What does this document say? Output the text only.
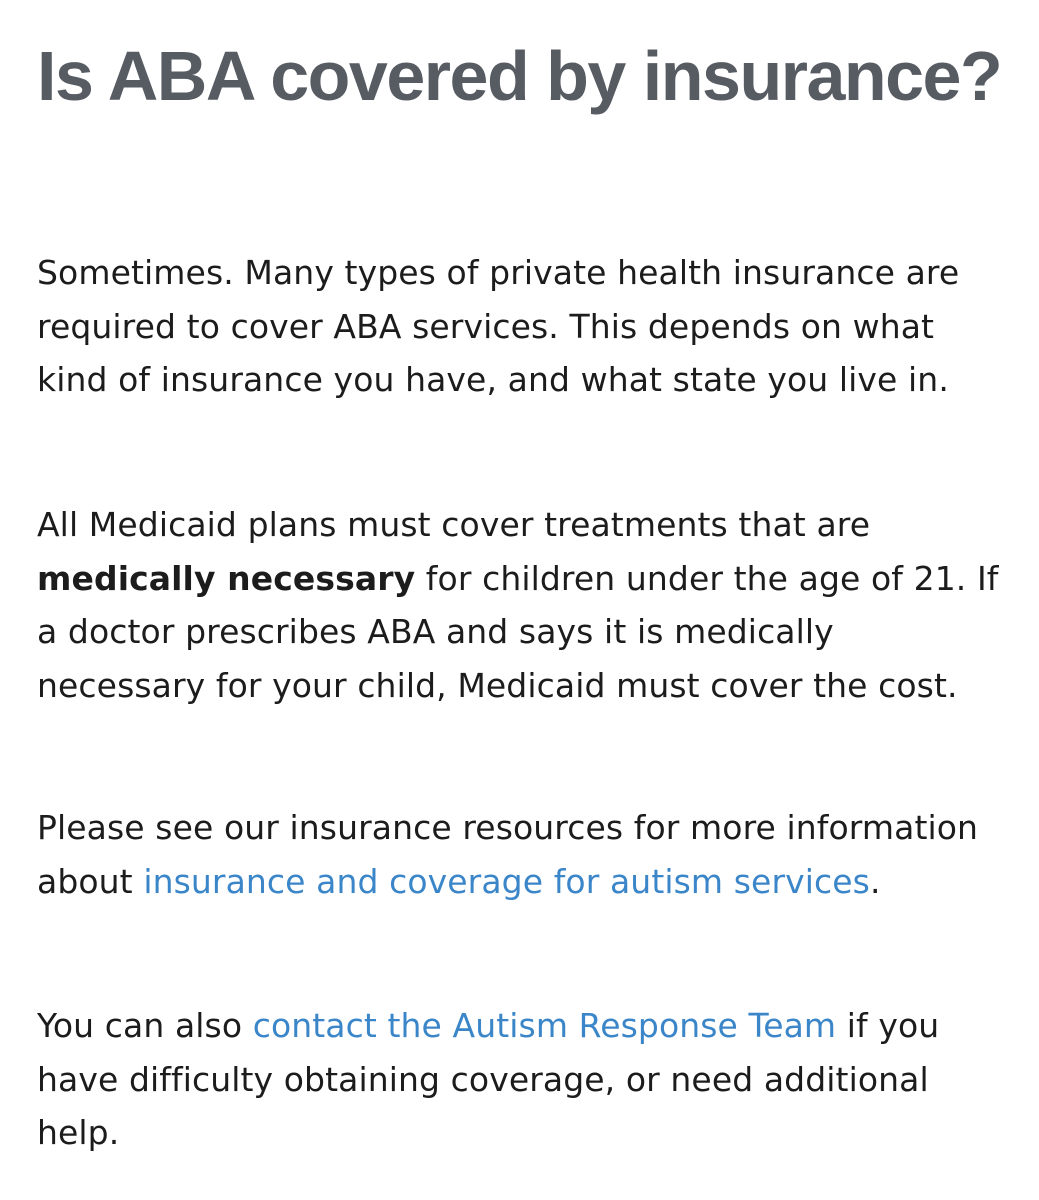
Is ABA covered by insurance?

Sometimes. Many types of private health insurance are required to cover ABA services. This depends on what kind of insurance you have, and what state you live in.

All Medicaid plans must cover treatments that are medically necessary for children under the age of 21. If a doctor prescribes ABA and says it is medically necessary for your child, Medicaid must cover the cost.

Please see our insurance resources for more information about insurance and coverage for autism services.

You can also contact the Autism Response Team if you have difficulty obtaining coverage, or need additional help.
